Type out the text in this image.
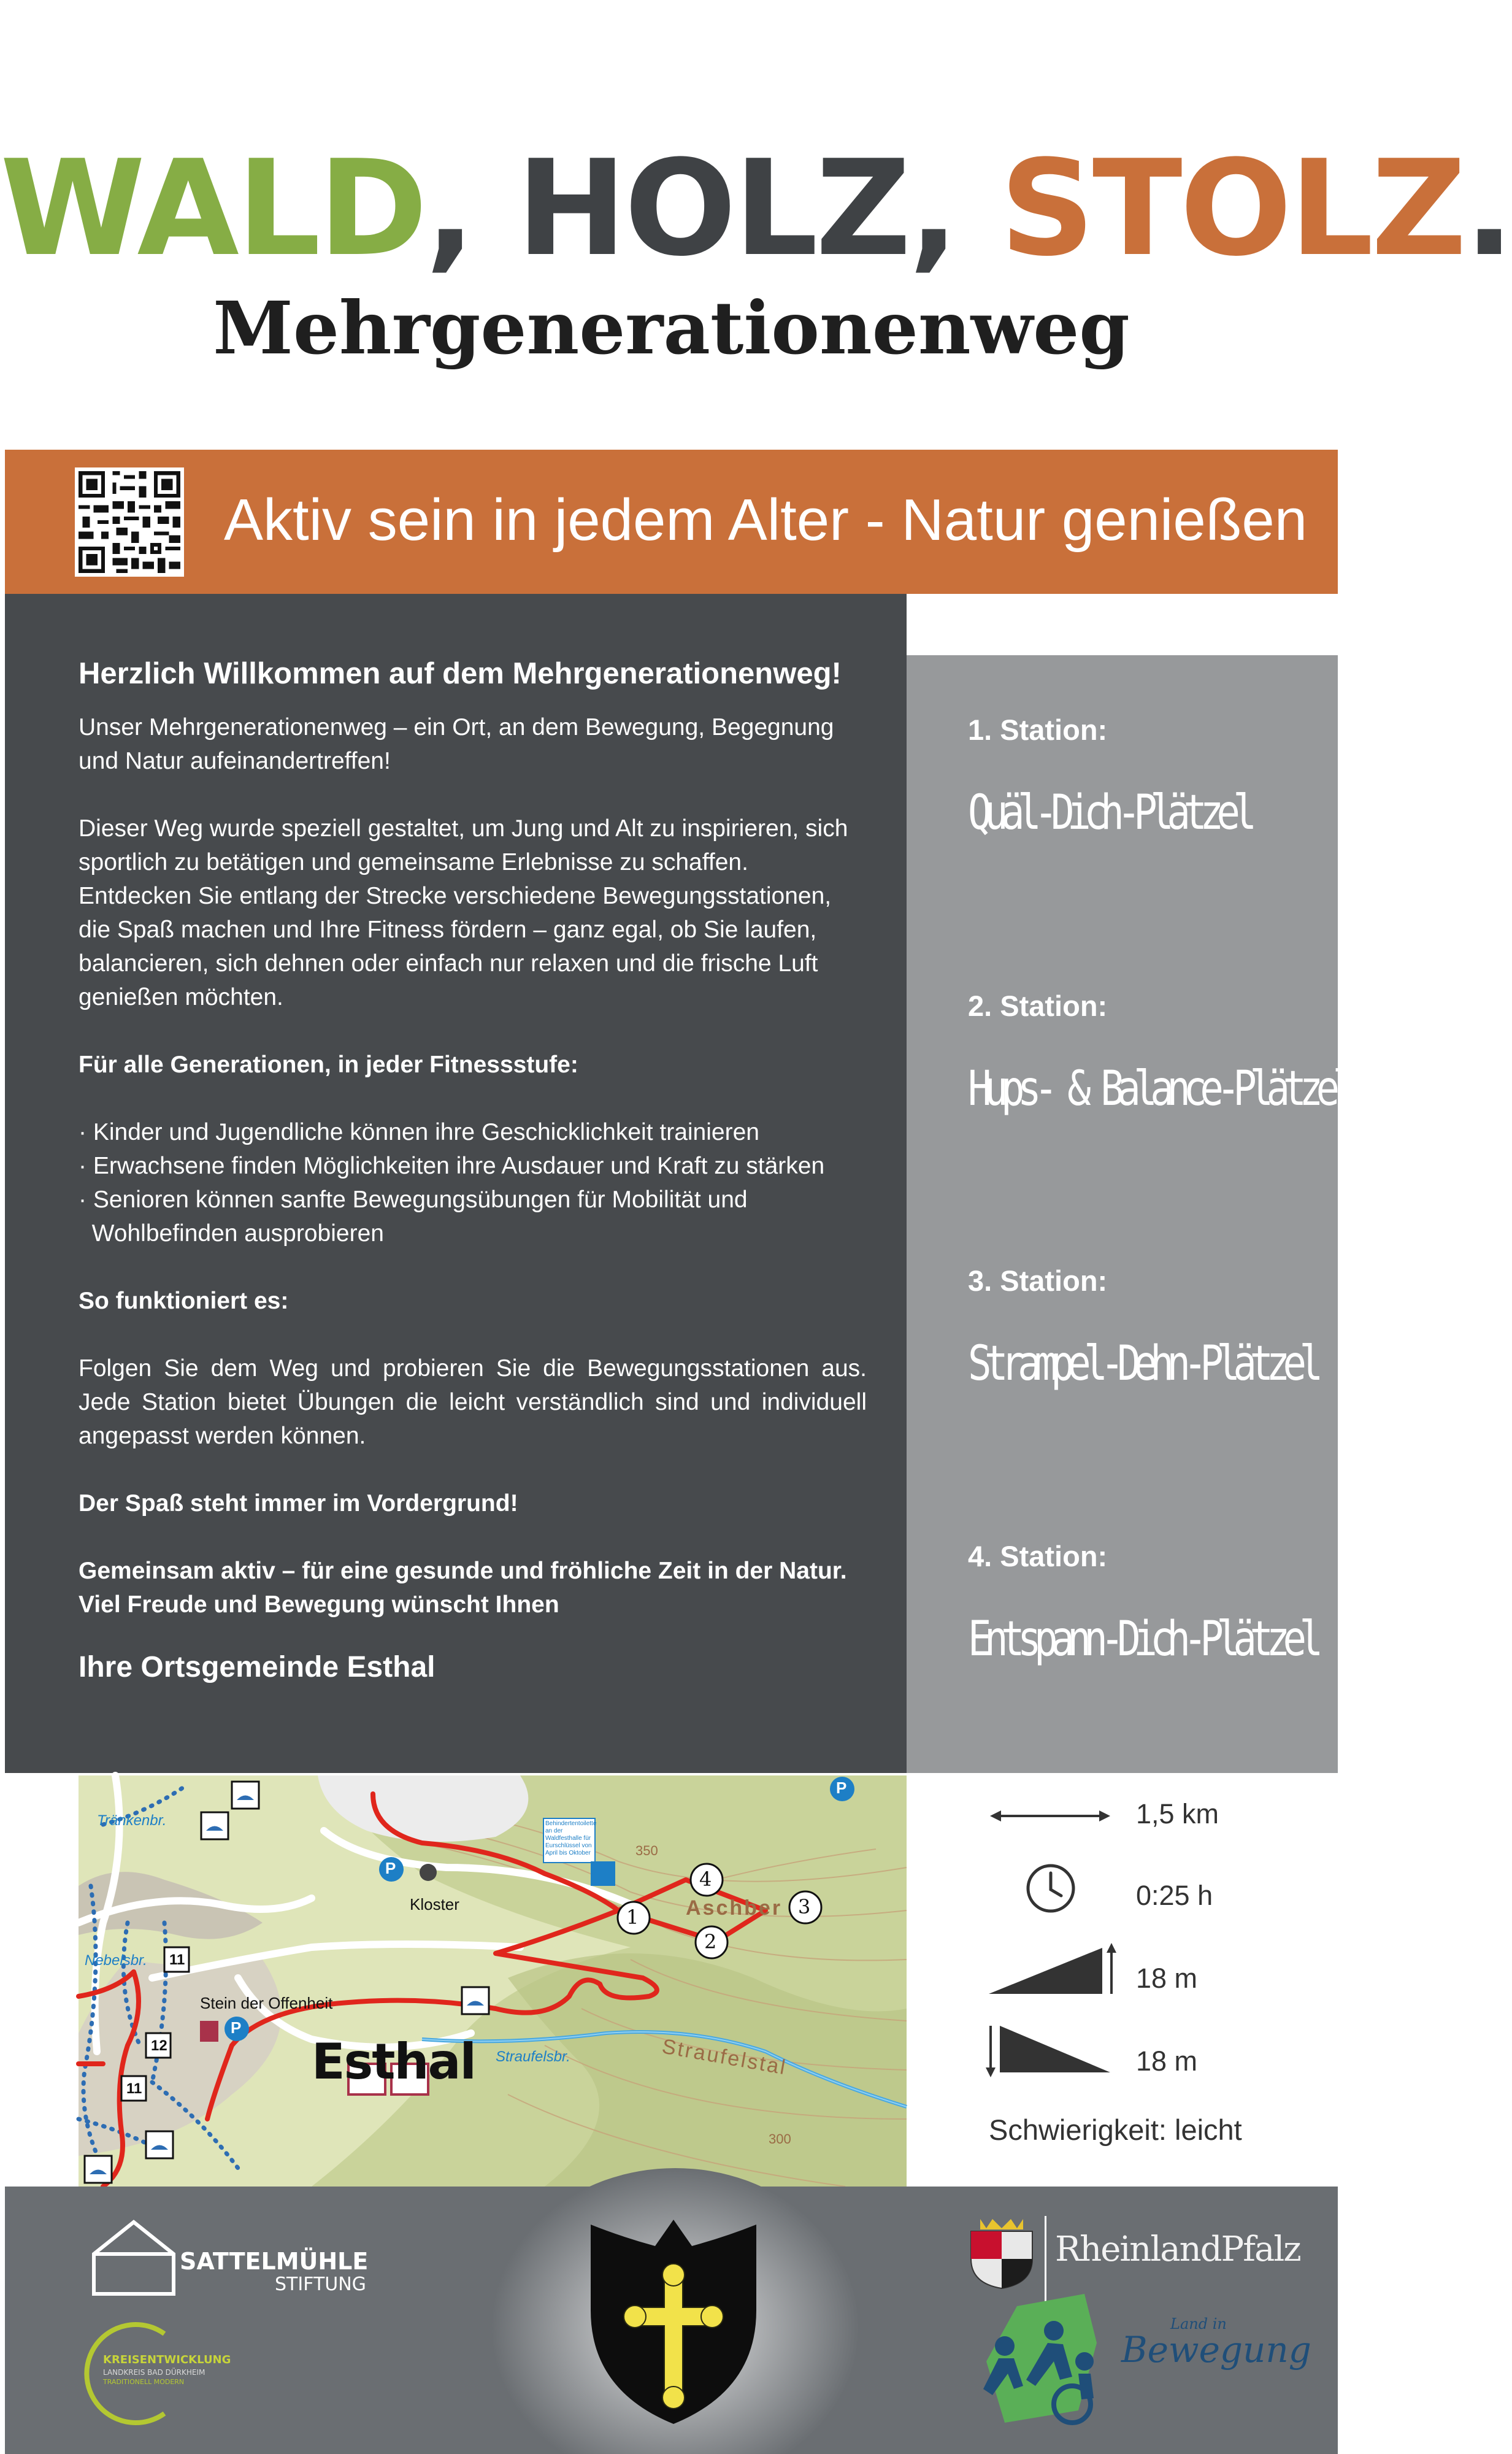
WALD, HOLZ, STOLZ.
Mehrgenerationenweg
Aktiv sein in jedem Alter - Natur genießen

Herzlich Willkommen auf dem Mehrgenerationenweg!

Unser Mehrgenerationenweg – ein Ort, an dem Bewegung, Begegnung und Natur aufeinandertreffen!

Dieser Weg wurde speziell gestaltet, um Jung und Alt zu inspirieren, sich sportlich zu betätigen und gemeinsame Erlebnisse zu schaffen. Entdecken Sie entlang der Strecke verschiedene Bewegungsstationen, die Spaß machen und Ihre Fitness fördern – ganz egal, ob Sie laufen, balancieren, sich dehnen oder einfach nur relaxen und die frische Luft genießen möchten.

Für alle Generationen, in jeder Fitnessstufe:

· Kinder und Jugendliche können ihre Geschicklichkeit trainieren

· Erwachsene finden Möglichkeiten ihre Ausdauer und Kraft zu stärken

· Senioren können sanfte Bewegungsübungen für Mobilität und

Wohlbefinden ausprobieren

So funktioniert es:

Folgen Sie dem Weg und probieren Sie die Bewegungsstationen aus. Jede Station bietet Übungen die leicht verständlich sind und individuell angepasst werden können.

Der Spaß steht immer im Vordergrund!

Gemeinsam aktiv – für eine gesunde und fröhliche Zeit in der Natur.

Viel Freude und Bewegung wünscht Ihnen

Ihre Ortsgemeinde Esthal

1. Station:
Quäl-Dich-Plätzel
2. Station:
Hups- & Balance-Plätzel
3. Station:
Strampel-Dehn-Plätzel
4. Station:
Entspann-Dich-Plätzel
Tränkenbr.
Nebelsbr.
Kloster
Stein der Offenheit
Esthal
Aschber
Straufelstal
Straufelsbr.
350
300
Behindertentoilette an der Waldfesthalle für Eurschlüssel von April bis Oktober
P
P
P
11
12
11
1
2
3
4
1,5 km
0:25 h
18 m
18 m
Schwierigkeit: leicht
SATTELMÜHLE
STIFTUNG
KREISENTWICKLUNG
LANDKREIS BAD DÜRKHEIM
TRADITIONELL MODERN
RheinlandPfalz
Land in
Bewegung
